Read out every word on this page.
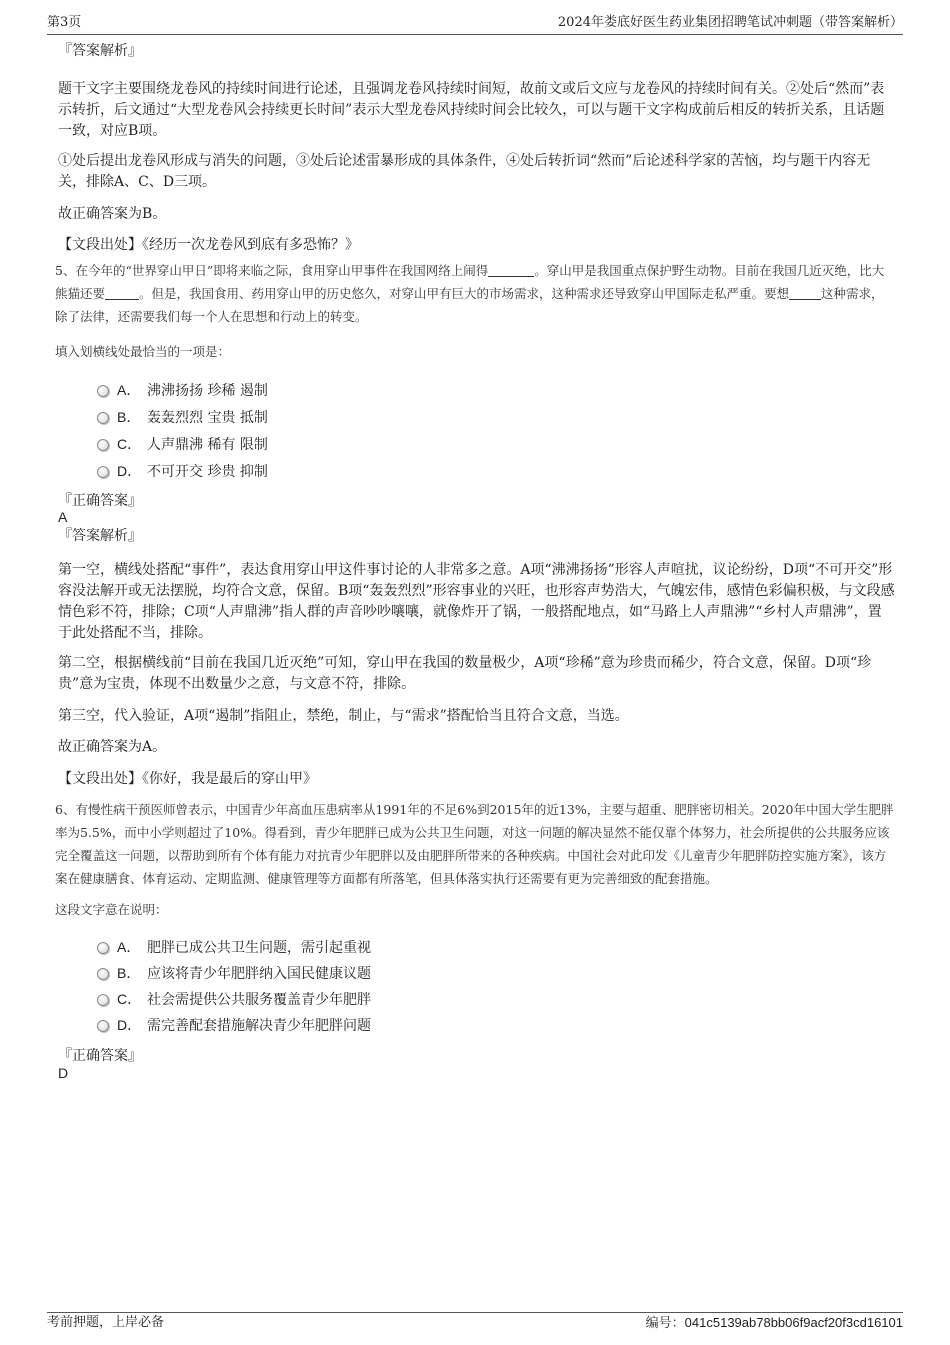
第3页	2024年娄底好医生药业集团招聘笔试冲刺题（带答案解析）

『答案解析』

题干文字主要围绕龙卷风的持续时间进行论述，且强调龙卷风持续时间短，故前文或后文应与龙卷风的持续时间有关。②处后“然而”表示转折，后文通过“大型龙卷风会持续更长时间”表示大型龙卷风持续时间会比较久，可以与题干文字构成前后相反的转折关系，且话题一致，对应B项。

①处后提出龙卷风形成与消失的问题，③处后论述雷暴形成的具体条件，④处后转折词“然而”后论述科学家的苦恼，均与题干内容无关，排除A、C、D三项。

故正确答案为B。

【文段出处】《经历一次龙卷风到底有多恐怖？》

5、在今年的“世界穿山甲日”即将来临之际，食用穿山甲事件在我国网络上闹得	。穿山甲是我国重点保护野生动物。目前在我国几近灭绝，比大熊猫还要	。但是，我国食用、药用穿山甲的历史悠久，对穿山甲有巨大的市场需求，这种需求还导致穿山甲国际走私严重。要想	这种需求，除了法律，还需要我们每一个人在思想和行动上的转变。

填入划横线处最恰当的一项是：

A． 沸沸扬扬 珍稀 遏制
B． 轰轰烈烈 宝贵 抵制
C． 人声鼎沸 稀有 限制
D． 不可开交 珍贵 抑制

『正确答案』

A

『答案解析』

第一空，横线处搭配“事件”，表达食用穿山甲这件事讨论的人非常多之意。A项“沸沸扬扬”形容人声喧扰，议论纷纷，D项“不可开交”形容没法解开或无法摆脱，均符合文意，保留。B项“轰轰烈烈”形容事业的兴旺，也形容声势浩大，气魄宏伟，感情色彩偏积极，与文段感情色彩不符，排除；C项“人声鼎沸”指人群的声音吵吵嚷嚷，就像炸开了锅，一般搭配地点，如“马路上人声鼎沸”“乡村人声鼎沸”，置于此处搭配不当，排除。

第二空，根据横线前“目前在我国几近灭绝”可知，穿山甲在我国的数量极少，A项“珍稀”意为珍贵而稀少，符合文意，保留。D项“珍贵”意为宝贵，体现不出数量少之意，与文意不符，排除。

第三空，代入验证，A项“遏制”指阻止，禁绝，制止，与“需求”搭配恰当且符合文意，当选。

故正确答案为A。

【文段出处】《你好，我是最后的穿山甲》

6、有慢性病干预医师曾表示，中国青少年高血压患病率从1991年的不足6%到2015年的近13%，主要与超重、肥胖密切相关。2020年中国大学生肥胖率为5.5%，而中小学则超过了10%。得看到，青少年肥胖已成为公共卫生问题，对这一问题的解决显然不能仅靠个体努力，社会所提供的公共服务应该完全覆盖这一问题，以帮助到所有个体有能力对抗青少年肥胖以及由肥胖所带来的各种疾病。中国社会对此印发《儿童青少年肥胖防控实施方案》，该方案在健康膳食、体育运动、定期监测、健康管理等方面都有所落笔，但具体落实执行还需要有更为完善细致的配套措施。

这段文字意在说明：

A． 肥胖已成公共卫生问题，需引起重视
B． 应该将青少年肥胖纳入国民健康议题
C． 社会需提供公共服务覆盖青少年肥胖
D． 需完善配套措施解决青少年肥胖问题

『正确答案』

D

考前押题，上岸必备	编号：041c5139ab78bb06f9acf20f3cd16101
